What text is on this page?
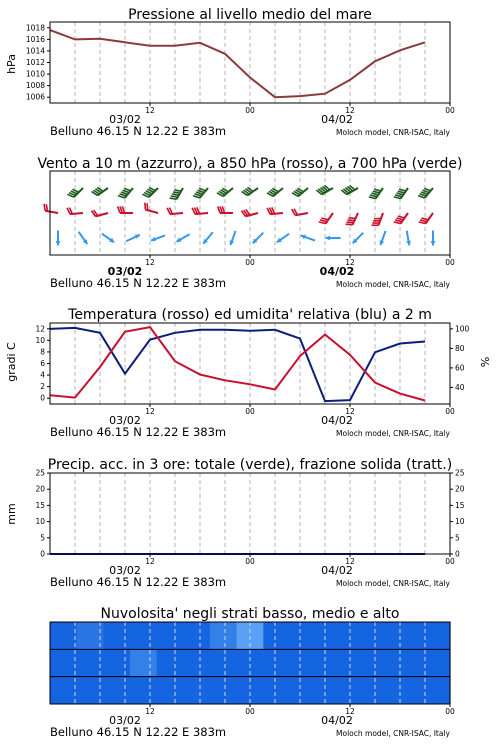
Pressione al livello medio del mare
hPa
1006
1008
1010
1012
1014
1016
1018
12	00	12	00
03/02	04/02
Belluno 46.15 N 12.22 E 383m	Moloch model, CNR-ISAC, Italy
Vento a 10 m (azzurro), a 850 hPa (rosso), a 700 hPa (verde)
12	00	12	00
03/02	04/02
Belluno 46.15 N 12.22 E 383m	Moloch model, CNR-ISAC, Italy
Temperatura (rosso) ed umidita' relativa (blu) a 2 m
gradi C	%
0
2
4
6
8
10
12
40
60
80
100
12	00	12	00
03/02	04/02
Belluno 46.15 N 12.22 E 383m	Moloch model, CNR-ISAC, Italy
Precip. acc. in 3 ore: totale (verde), frazione solida (tratt.)
mm
0
5
10
15
20
25
0
5
10
15
20
25
12	00	12	00
03/02	04/02
Belluno 46.15 N 12.22 E 383m	Moloch model, CNR-ISAC, Italy
Nuvolosita' negli strati basso, medio e alto
12	00	12	00
03/02	04/02
Belluno 46.15 N 12.22 E 383m	Moloch model, CNR-ISAC, Italy
